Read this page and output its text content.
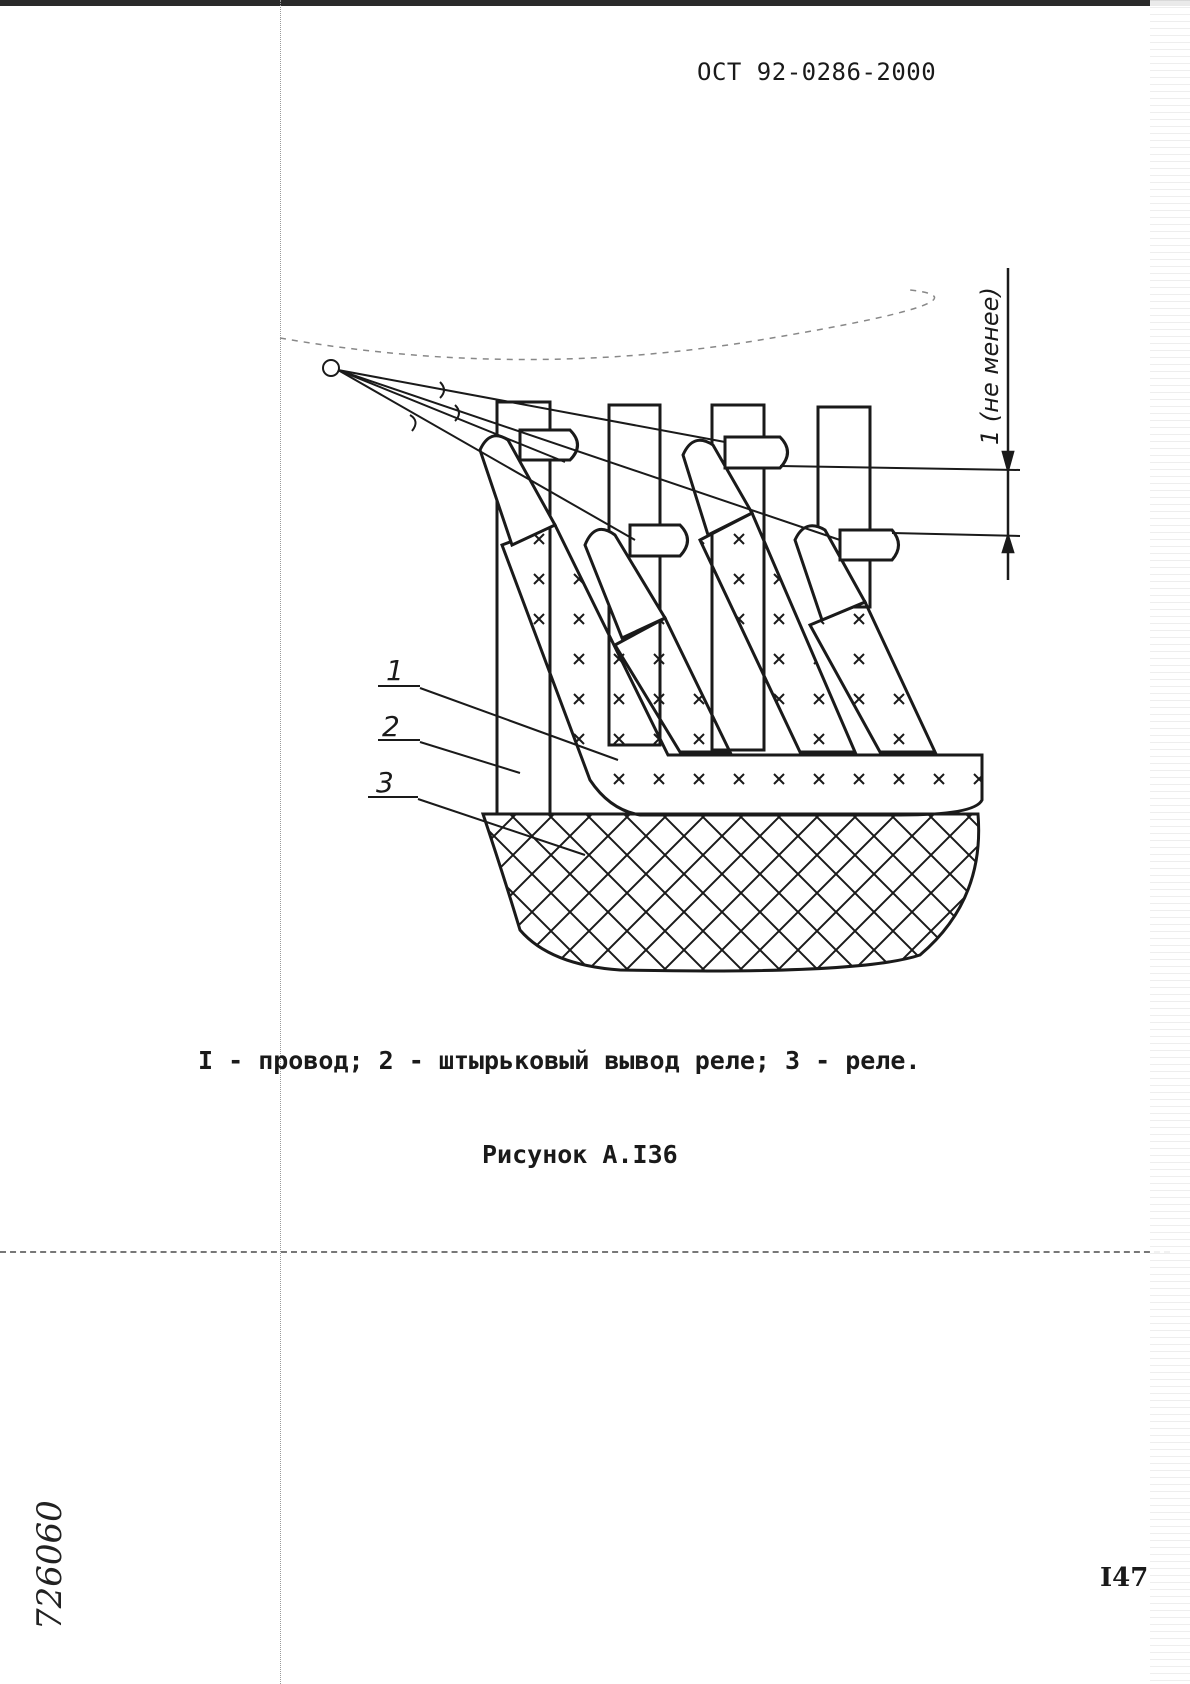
ОСТ 92-0286-2000
1 (не менее)
1
2
3
I - провод; 2 - штырьковый вывод реле; 3 - реле.
Рисунок А.I36
I47
726060
